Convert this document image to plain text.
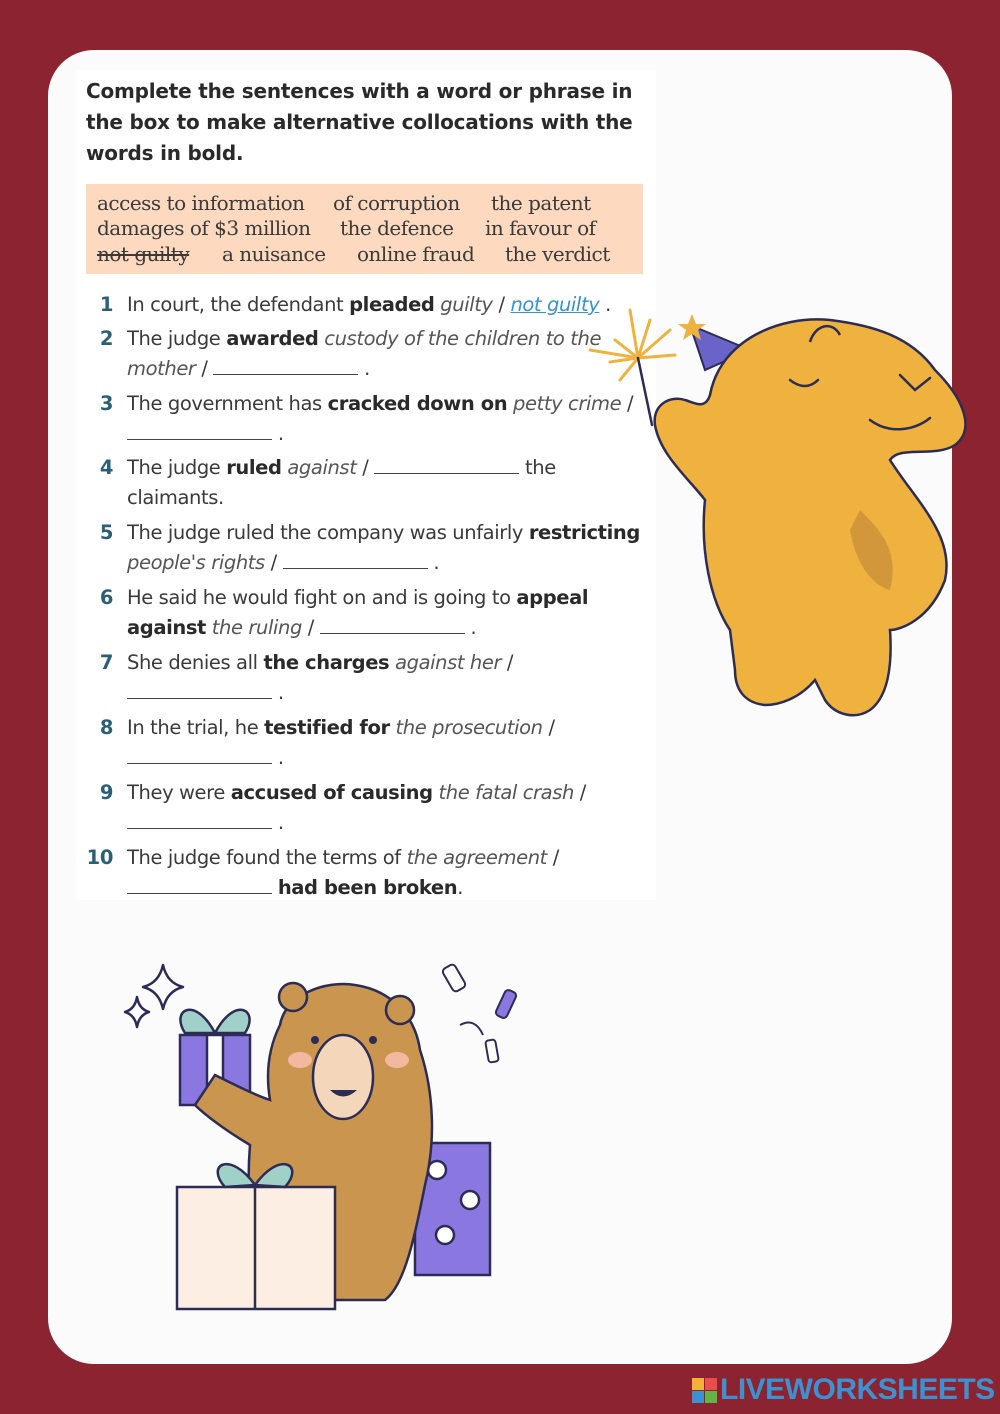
Complete the sentences with a word or phrase in the box to make alternative collocations with the words in bold.
access to information of corruption the patent
damages of $3 million the defence in favour of
not guilty a nuisance online fraud the verdict
1 In court, the defendant pleaded guilty / not guilty .
2 The judge awarded custody of the children to the
mother /	.
3 The government has cracked down on petty crime /
.
4 The judge ruled against /	the
claimants.
5 The judge ruled the company was unfairly restricting
people's rights /	.
6 He said he would fight on and is going to appeal
against the ruling /	.
7 She denies all the charges against her /
.
8 In the trial, he testified for the prosecution /
.
9 They were accused of causing the fatal crash /
.
10 The judge found the terms of the agreement /
had been broken.
LIVEWORKSHEETS
